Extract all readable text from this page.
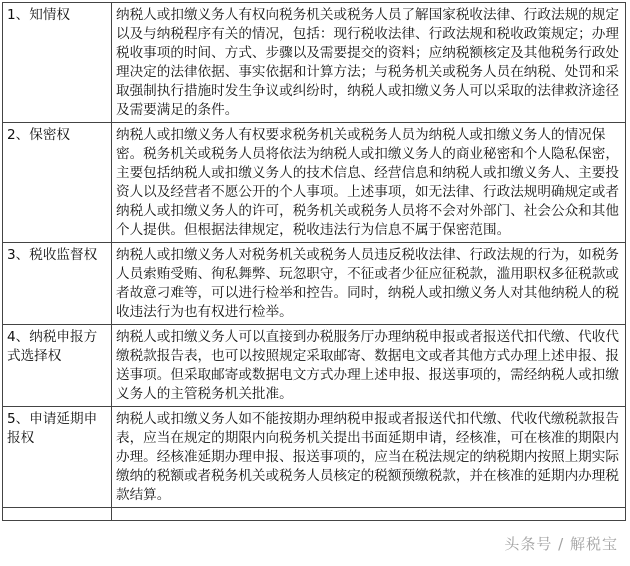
1、知情权	纳税人或扣缴义务人有权向税务机关或税务人员了解国家税收法律、行政法规的规定以及与纳税程序有关的情况，包括：现行税收法律、行政法规和税收政策规定；办理税收事项的时间、方式、步骤以及需要提交的资料；应纳税额核定及其他税务行政处理决定的法律依据、事实依据和计算方法；与税务机关或税务人员在纳税、处罚和采取强制执行措施时发生争议或纠纷时，纳税人或扣缴义务人可以采取的法律救济途径及需要满足的条件。
2、保密权	纳税人或扣缴义务人有权要求税务机关或税务人员为纳税人或扣缴义务人的情况保密。税务机关或税务人员将依法为纳税人或扣缴义务人的商业秘密和个人隐私保密，主要包括纳税人或扣缴义务人的技术信息、经营信息和纳税人或扣缴义务人、主要投资人以及经营者不愿公开的个人事项。上述事项，如无法律、行政法规明确规定或者纳税人或扣缴义务人的许可，税务机关或税务人员将不会对外部门、社会公众和其他个人提供。但根据法律规定，税收违法行为信息不属于保密范围。
3、税收监督权	纳税人或扣缴义务人对税务机关或税务人员违反税收法律、行政法规的行为，如税务人员索贿受贿、徇私舞弊、玩忽职守，不征或者少征应征税款，滥用职权多征税款或者故意刁难等，可以进行检举和控告。同时，纳税人或扣缴义务人对其他纳税人的税收违法行为也有权进行检举。
4、纳税申报方式选择权	纳税人或扣缴义务人可以直接到办税服务厅办理纳税申报或者报送代扣代缴、代收代缴税款报告表，也可以按照规定采取邮寄、数据电文或者其他方式办理上述申报、报送事项。但采取邮寄或数据电文方式办理上述申报、报送事项的，需经纳税人或扣缴义务人的主管税务机关批准。
5、申请延期申报权	纳税人或扣缴义务人如不能按期办理纳税申报或者报送代扣代缴、代收代缴税款报告表，应当在规定的期限内向税务机关提出书面延期申请，经核准，可在核准的期限内办理。经核准延期办理申报、报送事项的，应当在税法规定的纳税期内按照上期实际缴纳的税额或者税务机关或税务人员核定的税额预缴税款，并在核准的延期内办理税款结算。

头条号 / 解税宝
